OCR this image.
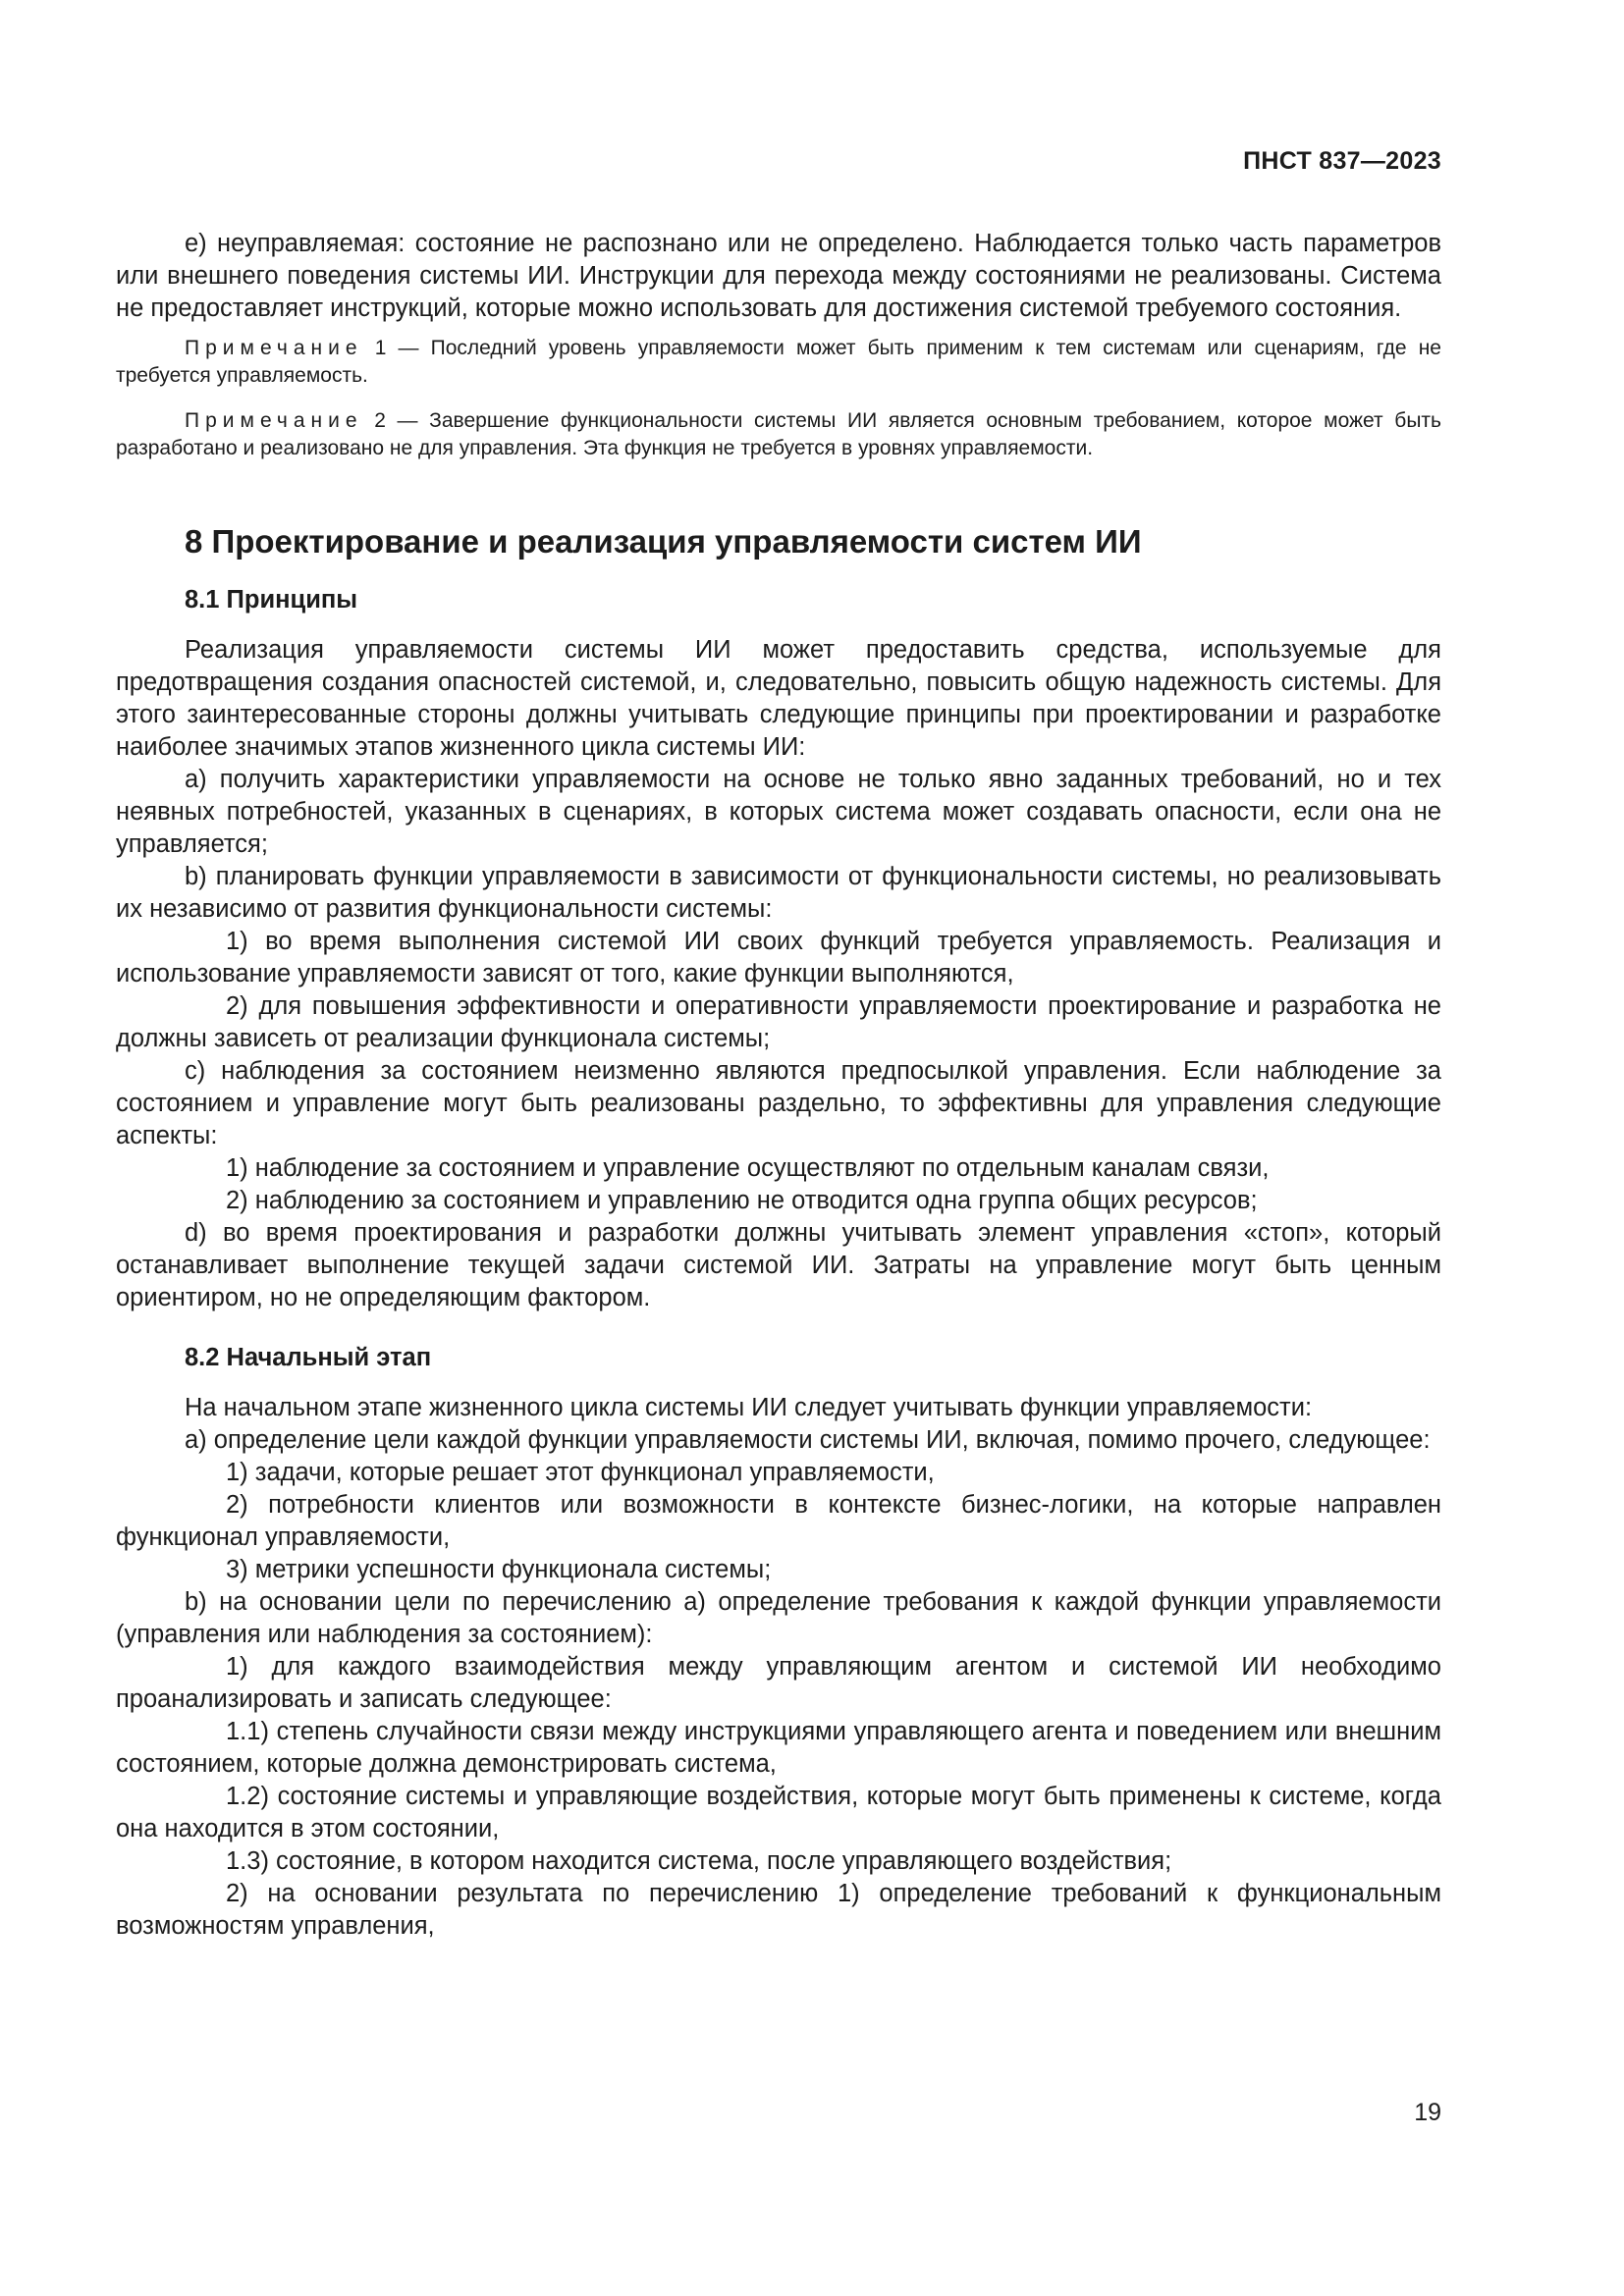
ПНСТ 837—2023

e) неуправляемая: состояние не распознано или не определено. Наблюдается только часть параметров или внешнего поведения системы ИИ. Инструкции для перехода между состояниями не реализованы. Система не предоставляет инструкций, которые можно использовать для достижения системой требуемого состояния.

Примечание 1 — Последний уровень управляемости может быть применим к тем системам или сценариям, где не требуется управляемость.

Примечание 2 — Завершение функциональности системы ИИ является основным требованием, которое может быть разработано и реализовано не для управления. Эта функция не требуется в уровнях управляемости.

8 Проектирование и реализация управляемости систем ИИ
8.1 Принципы

Реализация управляемости системы ИИ может предоставить средства, используемые для предотвращения создания опасностей системой, и, следовательно, повысить общую надежность системы. Для этого заинтересованные стороны должны учитывать следующие принципы при проектировании и разработке наиболее значимых этапов жизненного цикла системы ИИ:

a) получить характеристики управляемости на основе не только явно заданных требований, но и тех неявных потребностей, указанных в сценариях, в которых система может создавать опасности, если она не управляется;

b) планировать функции управляемости в зависимости от функциональности системы, но реализовывать их независимо от развития функциональности системы:

1) во время выполнения системой ИИ своих функций требуется управляемость. Реализация и использование управляемости зависят от того, какие функции выполняются,

2) для повышения эффективности и оперативности управляемости проектирование и разработка не должны зависеть от реализации функционала системы;

c) наблюдения за состоянием неизменно являются предпосылкой управления. Если наблюдение за состоянием и управление могут быть реализованы раздельно, то эффективны для управления следующие аспекты:

1) наблюдение за состоянием и управление осуществляют по отдельным каналам связи,

2) наблюдению за состоянием и управлению не отводится одна группа общих ресурсов;

d) во время проектирования и разработки должны учитывать элемент управления «стоп», который останавливает выполнение текущей задачи системой ИИ. Затраты на управление могут быть ценным ориентиром, но не определяющим фактором.

8.2 Начальный этап

На начальном этапе жизненного цикла системы ИИ следует учитывать функции управляемости:

a) определение цели каждой функции управляемости системы ИИ, включая, помимо прочего, следующее:

1) задачи, которые решает этот функционал управляемости,

2) потребности клиентов или возможности в контексте бизнес-логики, на которые направлен функционал управляемости,

3) метрики успешности функционала системы;

b) на основании цели по перечислению a) определение требования к каждой функции управляемости (управления или наблюдения за состоянием):

1) для каждого взаимодействия между управляющим агентом и системой ИИ необходимо проанализировать и записать следующее:

1.1) степень случайности связи между инструкциями управляющего агента и поведением или внешним состоянием, которые должна демонстрировать система,

1.2) состояние системы и управляющие воздействия, которые могут быть применены к системе, когда она находится в этом состоянии,

1.3) состояние, в котором находится система, после управляющего воздействия;

2) на основании результата по перечислению 1) определение требований к функциональным возможностям управления,

19
